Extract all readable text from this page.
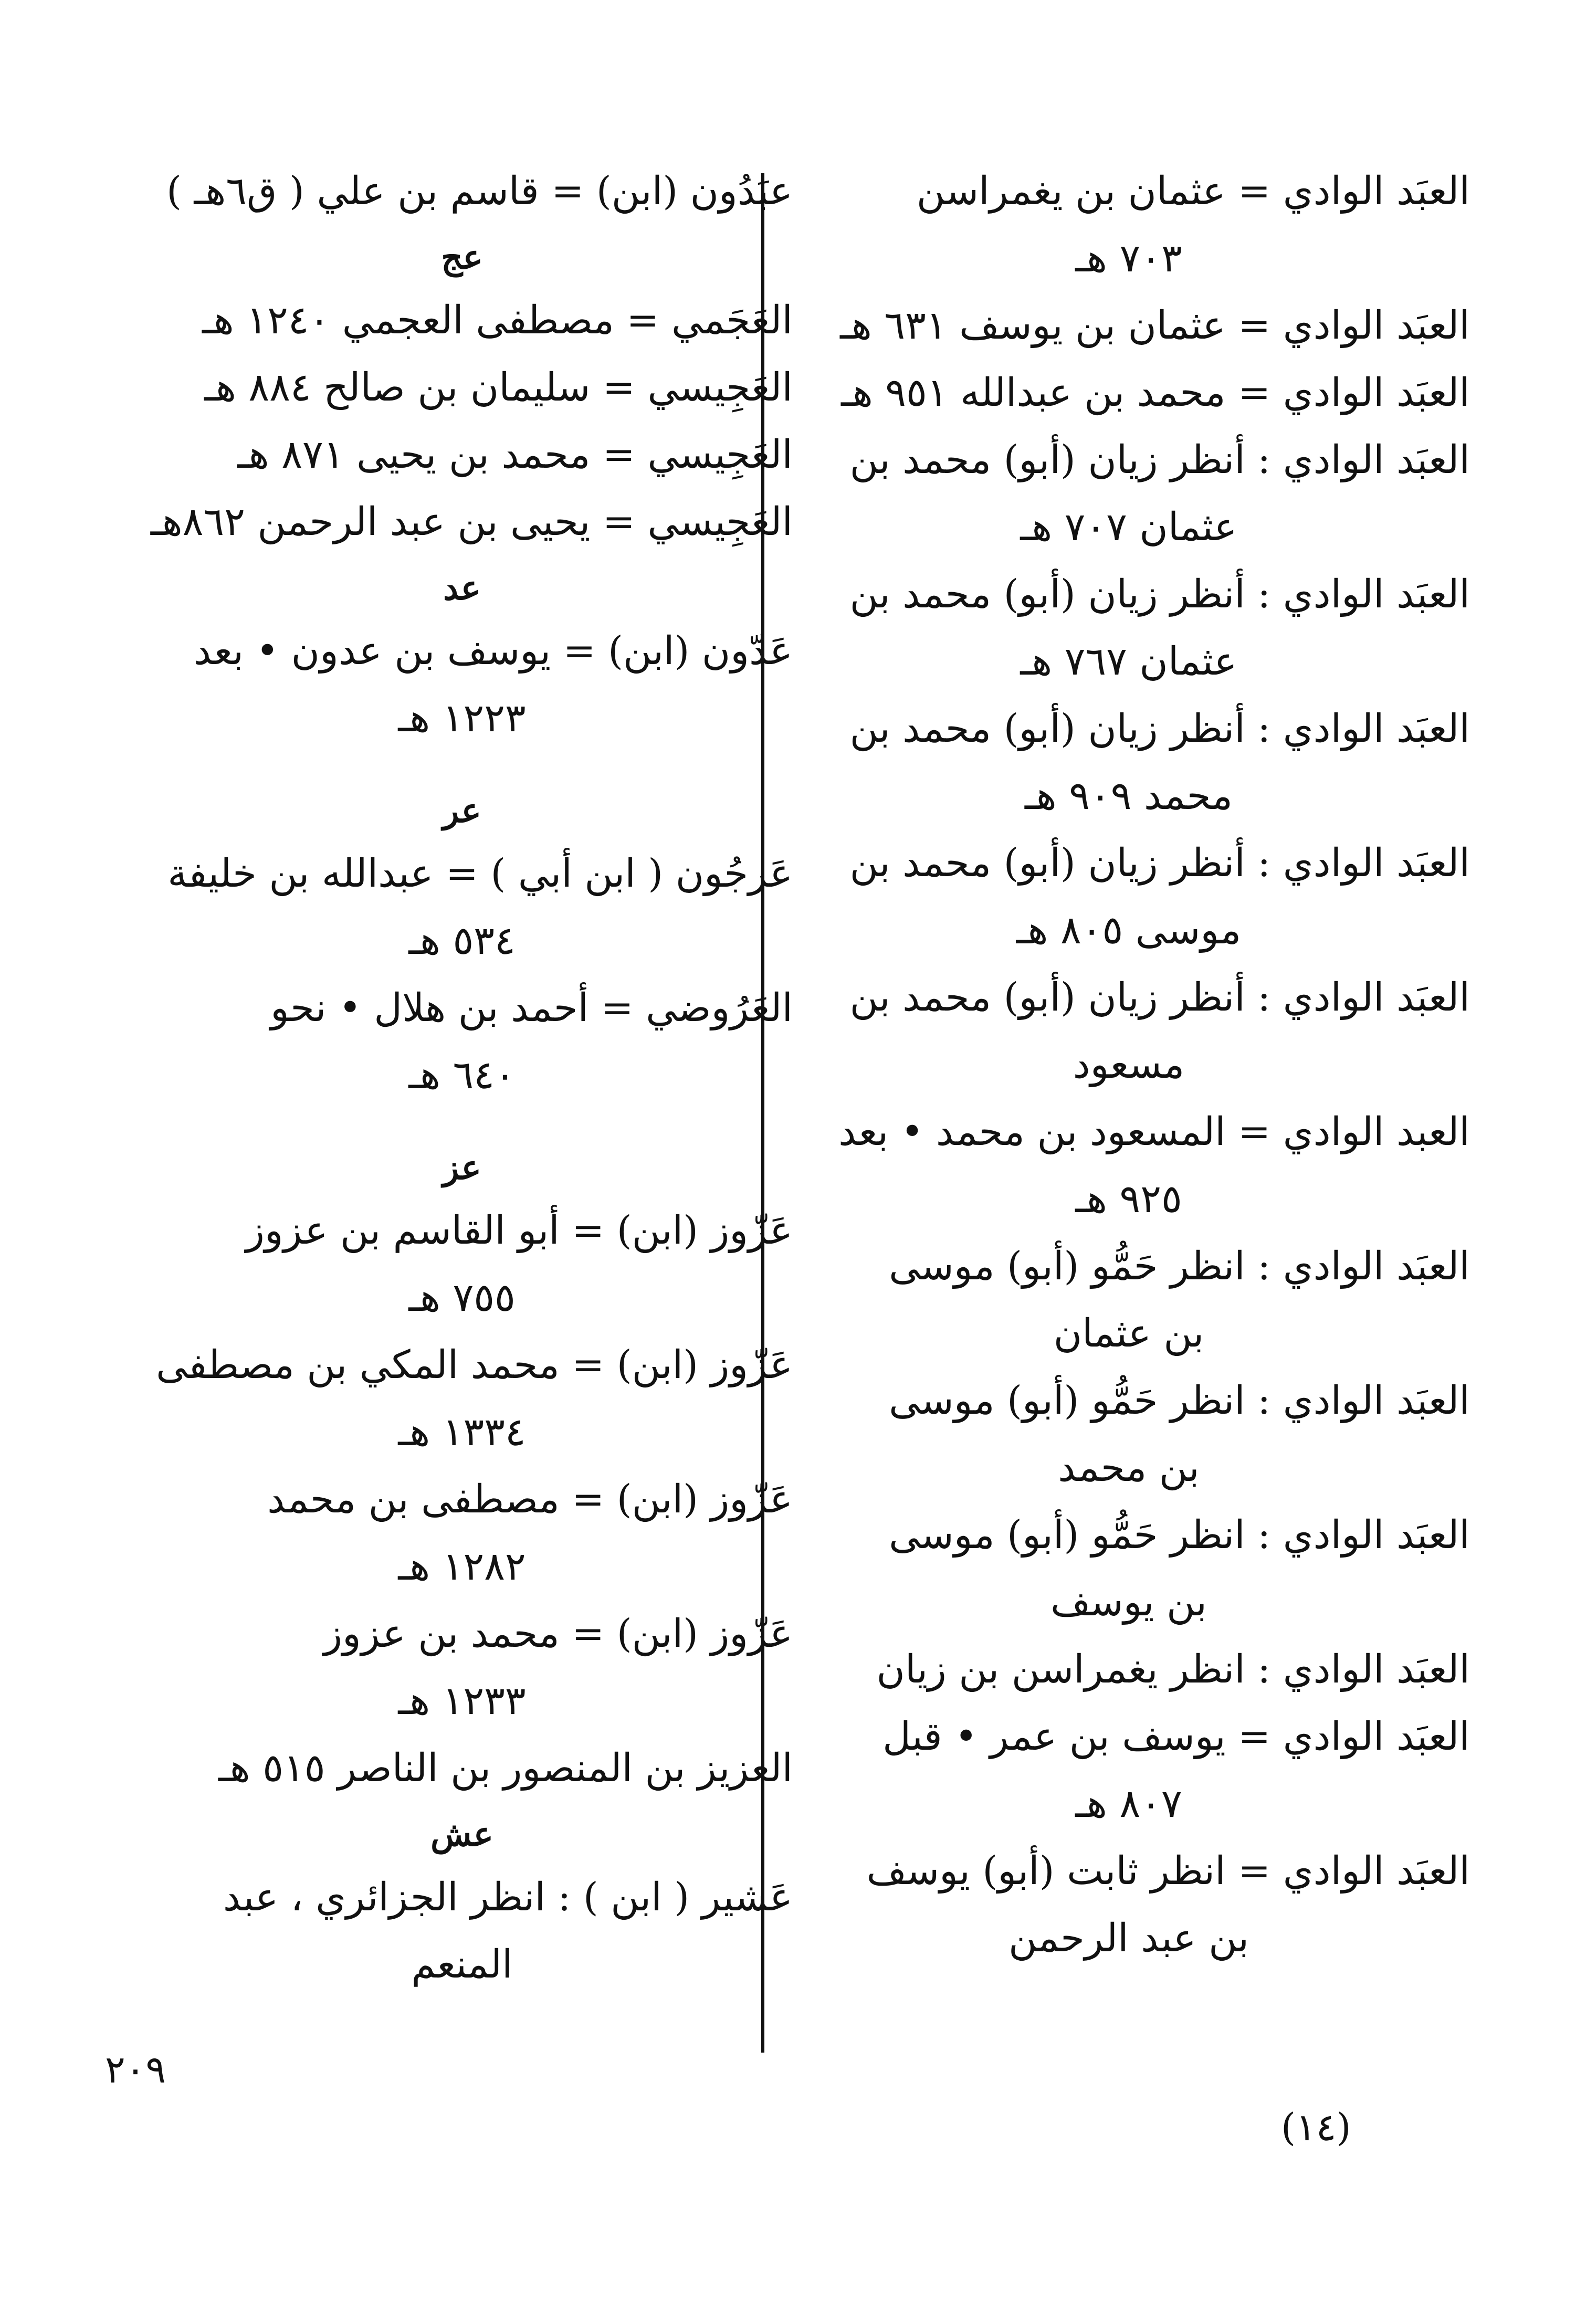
العبَد الوادي = عثمان بن يغمراسن
٧٠٣ هـ
العبَد الوادي = عثمان بن يوسف ٦٣١ هـ
العبَد الوادي = محمد بن عبدالله ٩٥١ هـ
العبَد الوادي : أنظر زيان (أبو) محمد بن
عثمان ٧٠٧ هـ
العبَد الوادي : أنظر زيان (أبو) محمد بن
عثمان ٧٦٧ هـ
العبَد الوادي : أنظر زيان (أبو) محمد بن
محمد ٩٠٩ هـ
العبَد الوادي : أنظر زيان (أبو) محمد بن
موسى ٨٠٥ هـ
العبَد الوادي : أنظر زيان (أبو) محمد بن
مسعود
العبد الوادي = المسعود بن محمد • بعد
٩٢٥ هـ
العبَد الوادي : انظر حَمُّو (أبو) موسى
بن عثمان
العبَد الوادي : انظر حَمُّو (أبو) موسى
بن محمد
العبَد الوادي : انظر حَمُّو (أبو) موسى
بن يوسف
العبَد الوادي : انظر يغمراسن بن زيان
العبَد الوادي = يوسف بن عمر • قبل
٨٠٧ هـ
العبَد الوادي = انظر ثابت (أبو) يوسف
بن عبد الرحمن
عبَدُون (ابن) = قاسم بن علي ( ق٦هـ )
عج
العَجَمي = مصطفى العجمي ١٢٤٠ هـ
العَجِيسي = سليمان بن صالح ٨٨٤ هـ
العَجِيسي = محمد بن يحيى ٨٧١ هـ
العَجِيسي = يحيى بن عبد الرحمن ٨٦٢هـ
عد
عَدّون (ابن) = يوسف بن عدون • بعد
١٢٢٣ هـ
عر
عَرجُون ( ابن أبي ) = عبدالله بن خليفة
٥٣٤ هـ
العَرُوضي = أحمد بن هلال • نحو
٦٤٠ هـ
عز
عَزّوز (ابن) = أبو القاسم بن عزوز
٧٥٥ هـ
عَزّوز (ابن) = محمد المكي بن مصطفى
١٣٣٤ هـ
عَزّوز (ابن) = مصطفى بن محمد
١٢٨٢ هـ
عَزّوز (ابن) = محمد بن عزوز
١٢٣٣ هـ
العزيز بن المنصور بن الناصر ٥١٥ هـ
عش
عَشير ( ابن ) : انظر الجزائري ، عبد
المنعم
٢٠٩
(١٤)
